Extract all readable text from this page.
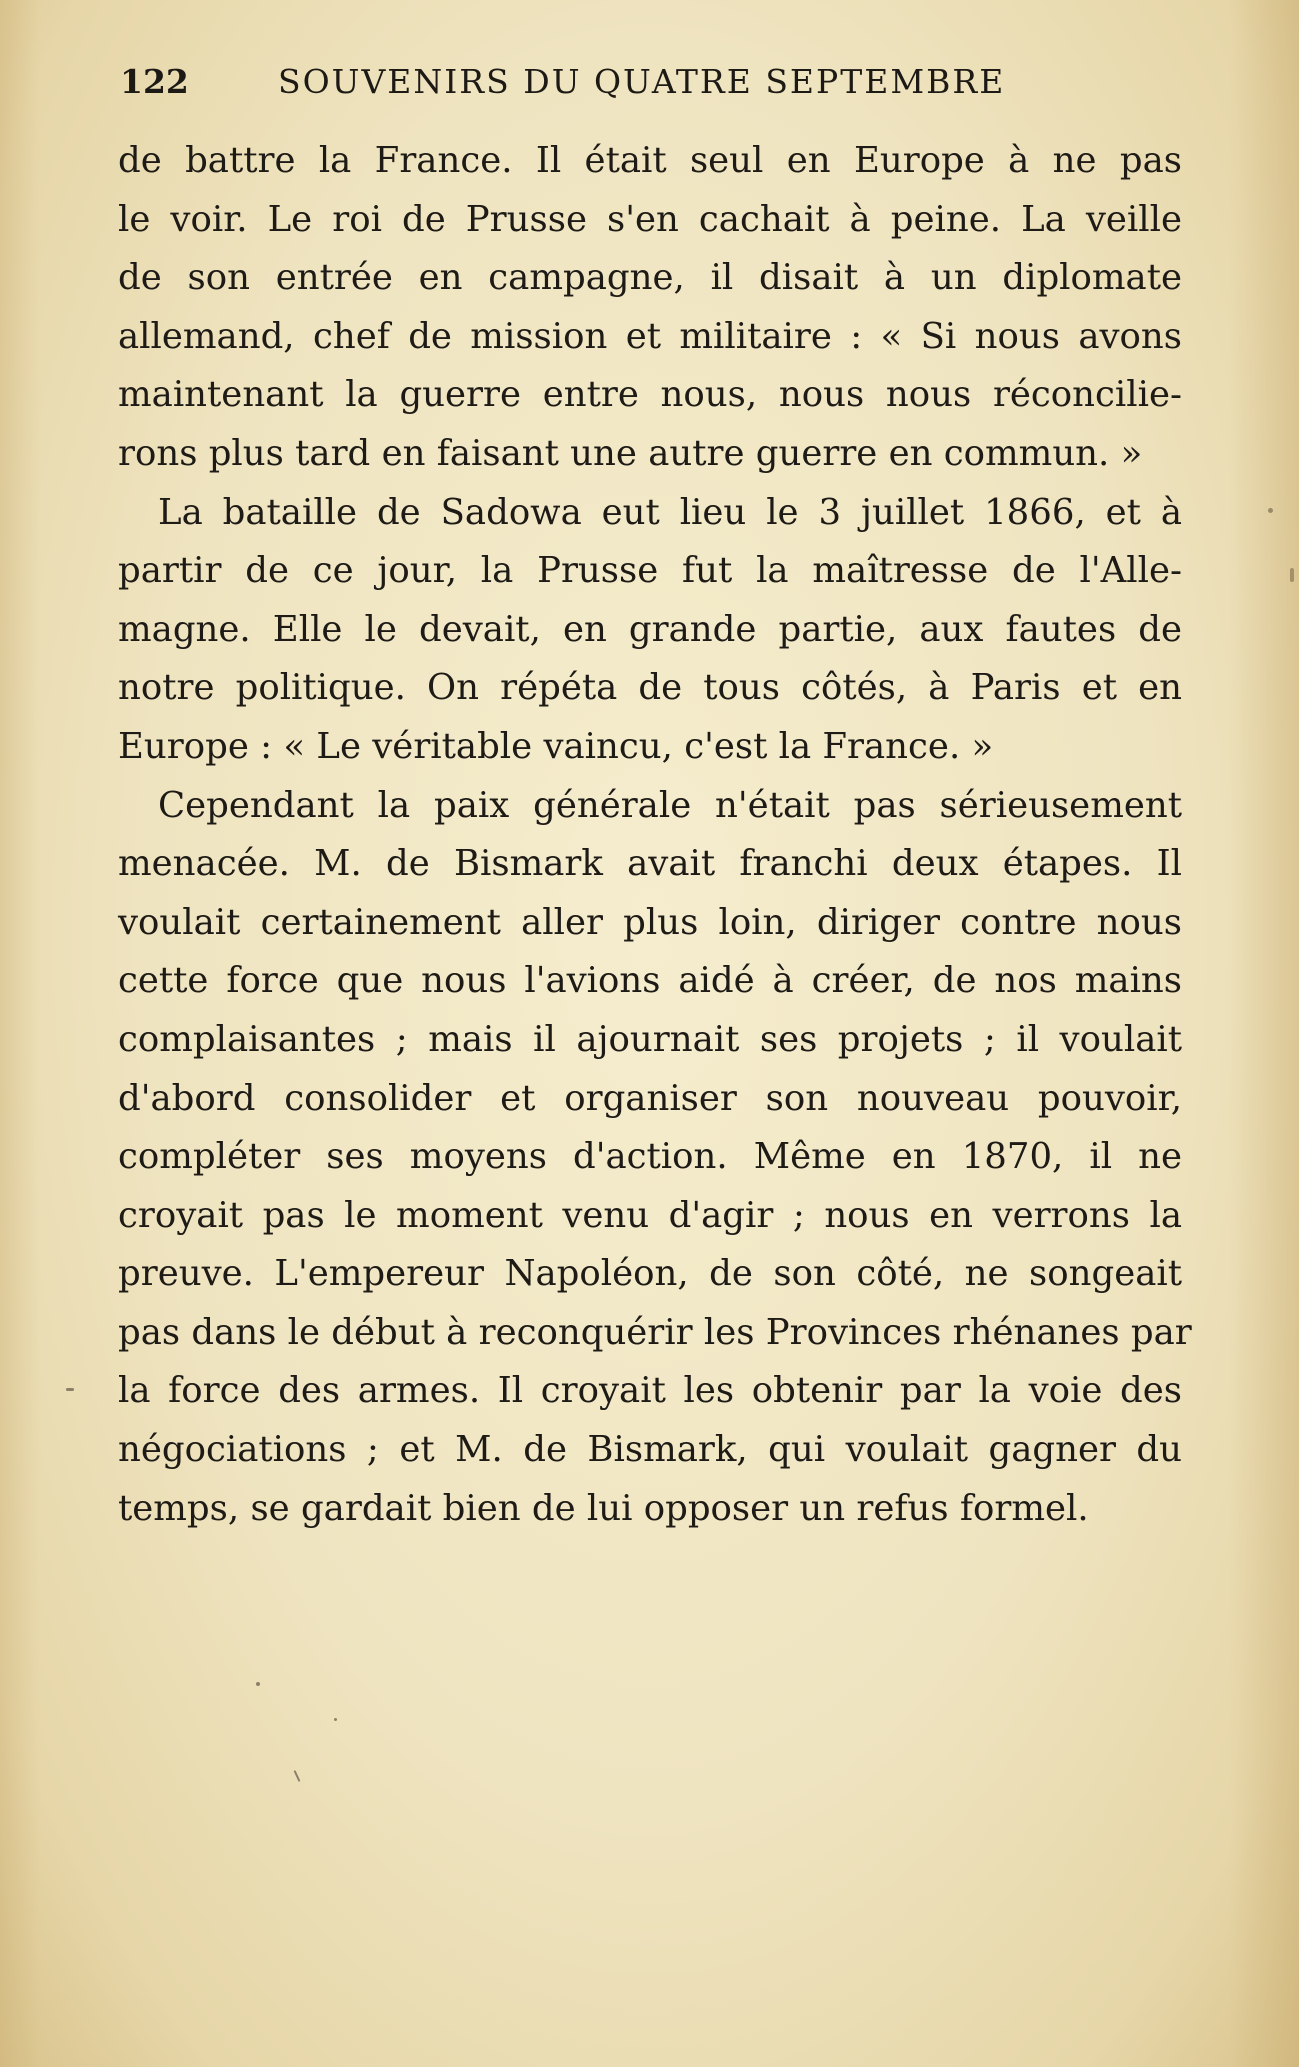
122	SOUVENIRS DU QUATRE SEPTEMBRE
de battre la France. Il était seul en Europe à ne pas
le voir. Le roi de Prusse s'en cachait à peine. La veille
de son entrée en campagne, il disait à un diplomate
allemand, chef de mission et militaire : « Si nous avons
maintenant la guerre entre nous, nous nous réconcilie-
rons plus tard en faisant une autre guerre en commun. »
La bataille de Sadowa eut lieu le 3 juillet 1866, et à
partir de ce jour, la Prusse fut la maîtresse de l'Alle-
magne. Elle le devait, en grande partie, aux fautes de
notre politique. On répéta de tous côtés, à Paris et en
Europe : « Le véritable vaincu, c'est la France. »
Cependant la paix générale n'était pas sérieusement
menacée. M. de Bismark avait franchi deux étapes. Il
voulait certainement aller plus loin, diriger contre nous
cette force que nous l'avions aidé à créer, de nos mains
complaisantes ; mais il ajournait ses projets ; il voulait
d'abord consolider et organiser son nouveau pouvoir,
compléter ses moyens d'action. Même en 1870, il ne
croyait pas le moment venu d'agir ; nous en verrons la
preuve. L'empereur Napoléon, de son côté, ne songeait
pas dans le début à reconquérir les Provinces rhénanes par
la force des armes. Il croyait les obtenir par la voie des
négociations ; et M. de Bismark, qui voulait gagner du
temps, se gardait bien de lui opposer un refus formel.
